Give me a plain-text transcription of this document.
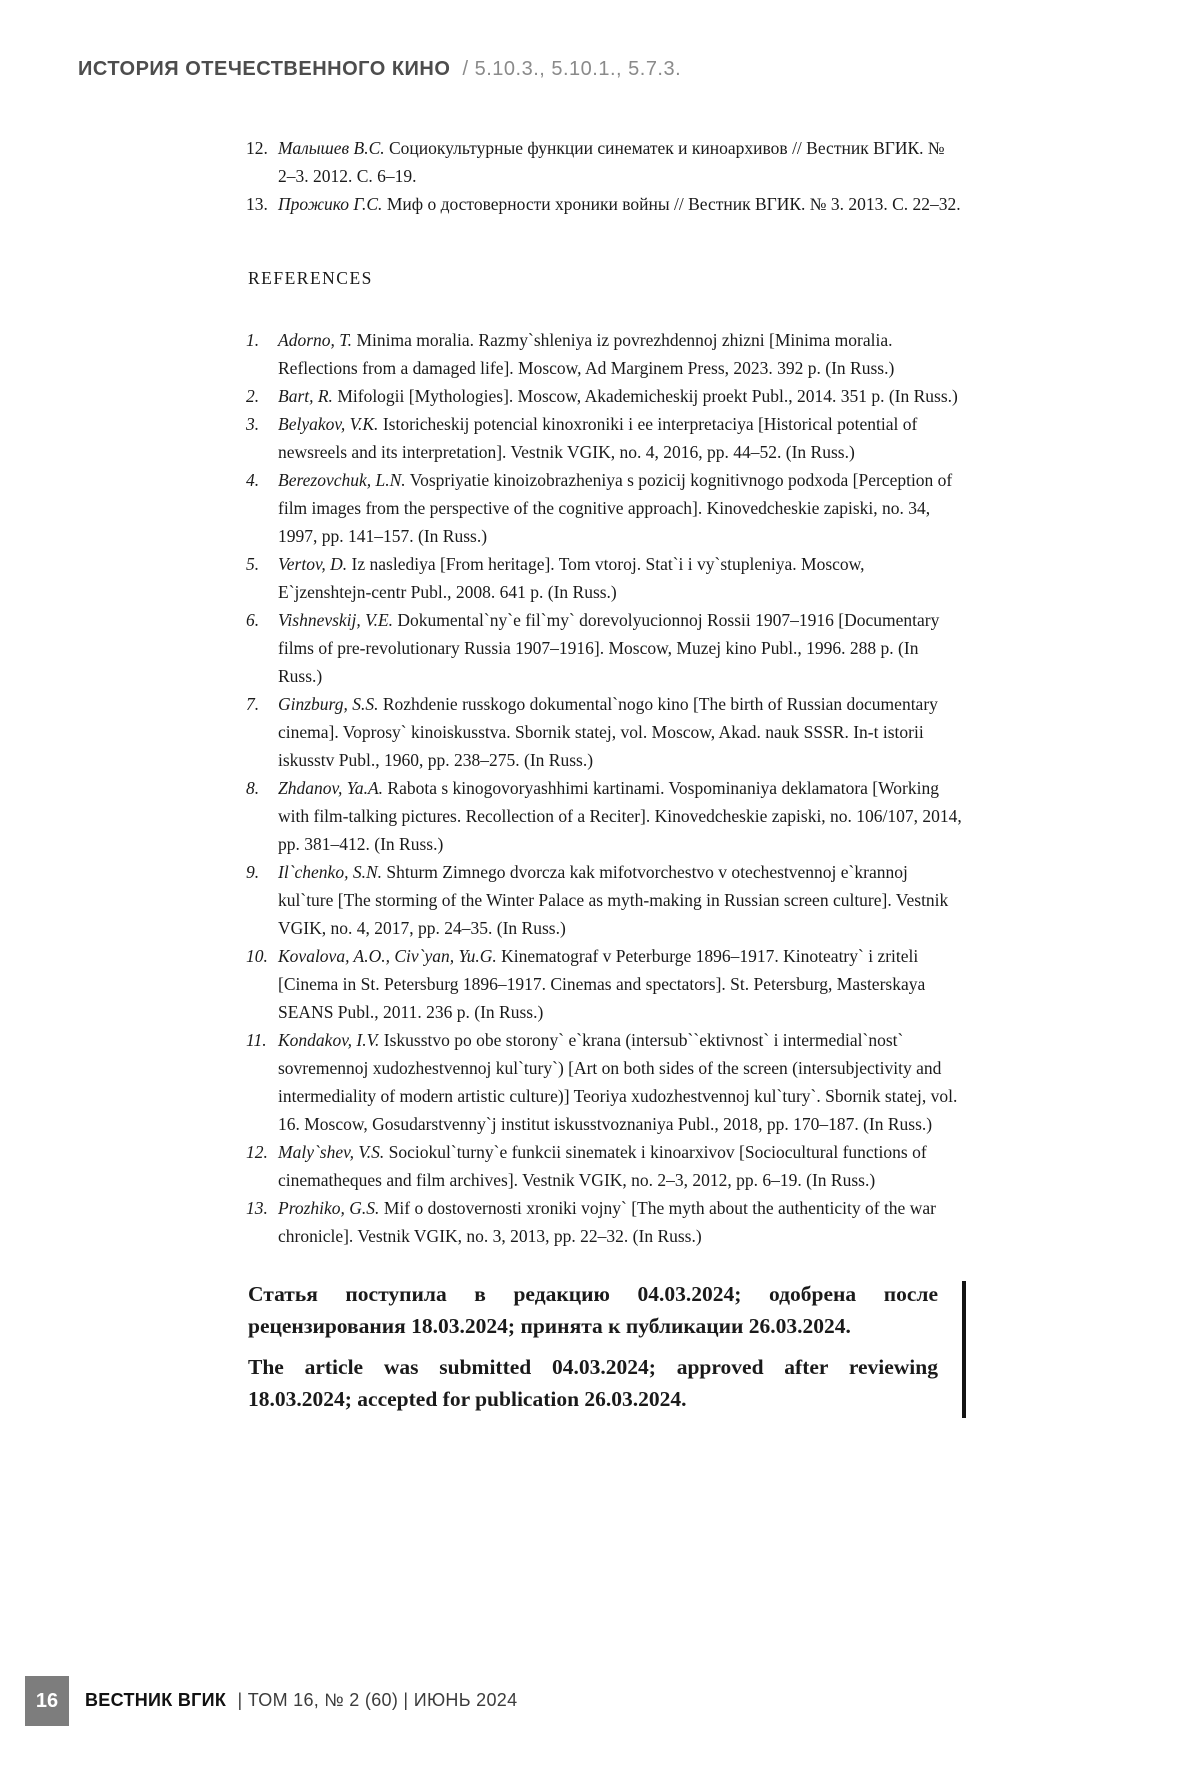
ИСТОРИЯ ОТЕЧЕСТВЕННОГО КИНО / 5.10.3., 5.10.1., 5.7.3.
12. Малышев В.С. Социокультурные функции синематек и киноархивов // Вестник ВГИК. № 2–3. 2012. С. 6–19.
13. Прожико Г.С. Миф о достоверности хроники войны // Вестник ВГИК. № 3. 2013. С. 22–32.
REFERENCES
1.	Adorno, T. Minima moralia. Razmy`shleniya iz povrezhdennoj zhizni [Minima moralia. Reflections from a damaged life]. Moscow, Ad Marginem Press, 2023. 392 p. (In Russ.)
2.	Bart, R. Mifologii [Mythologies]. Moscow, Akademicheskij proekt Publ., 2014. 351 p. (In Russ.)
3.	Belyakov, V.K. Istoricheskij potencial kinoxroniki i ee interpretaciya [Historical potential of newsreels and its interpretation]. Vestnik VGIK, no. 4, 2016, pp. 44–52. (In Russ.)
4.	Berezovchuk, L.N. Vospriyatie kinoizobrazheniya s pozicij kognitivnogo podxoda [Perception of film images from the perspective of the cognitive approach]. Kinovedcheskie zapiski, no. 34, 1997, pp. 141–157. (In Russ.)
5.	Vertov, D. Iz naslediya [From heritage]. Tom vtoroj. Stat`i i vy`stupleniya. Moscow, E`jzenshtejn-centr Publ., 2008. 641 p. (In Russ.)
6.	Vishnevskij, V.E. Dokumental`ny`e fil`my` dorevolyucionnoj Rossii 1907–1916 [Documentary films of pre-revolutionary Russia 1907–1916]. Moscow, Muzej kino Publ., 1996. 288 p. (In Russ.)
7.	Ginzburg, S.S. Rozhdenie russkogo dokumental`nogo kino [The birth of Russian documentary cinema]. Voprosy` kinoiskusstva. Sbornik statej, vol. Moscow, Akad. nauk SSSR. In-t istorii iskusstv Publ., 1960, pp. 238–275. (In Russ.)
8.	Zhdanov, Ya.A. Rabota s kinogovoryashhimi kartinami. Vospominaniya deklamatora [Working with film-talking pictures. Recollection of a Reciter]. Kinovedcheskie zapiski, no. 106/107, 2014, pp. 381–412. (In Russ.)
9.	Il`chenko, S.N. Shturm Zimnego dvorcza kak mifotvorchestvo v otechestvennoj e`krannoj kul`ture [The storming of the Winter Palace as myth-making in Russian screen culture]. Vestnik VGIK, no. 4, 2017, pp. 24–35. (In Russ.)
10. Kovalova, A.O., Civ`yan, Yu.G. Kinematograf v Peterburge 1896–1917. Kinoteatry` i zriteli [Cinema in St. Petersburg 1896–1917. Cinemas and spectators]. St. Petersburg, Masterskaya SEANS Publ., 2011. 236 p. (In Russ.)
11. Kondakov, I.V. Iskusstvo po obe storony` e`krana (intersub``ektivnost` i intermedial`nost` sovremennoj xudozhestvennoj kul`tury`) [Art on both sides of the screen (intersubjectivity and intermediality of modern artistic culture)] Teoriya xudozhestvennoj kul`tury`. Sbornik statej, vol. 16. Moscow, Gosudarstvenny`j institut iskusstvoznaniya Publ., 2018, pp. 170–187. (In Russ.)
12. Maly`shev, V.S. Sociokul`turny`e funkcii sinematek i kinoarxivov [Sociocultural functions of cinematheques and film archives]. Vestnik VGIK, no. 2–3, 2012, pp. 6–19. (In Russ.)
13. Prozhiko, G.S. Mif o dostovernosti xroniki vojny` [The myth about the authenticity of the war chronicle]. Vestnik VGIK, no. 3, 2013, pp. 22–32. (In Russ.)

Статья поступила в редакцию 04.03.2024; одобрена после рецензирования 18.03.2024; принята к публикации 26.03.2024.

The article was submitted 04.03.2024; approved after reviewing 18.03.2024; accepted for publication 26.03.2024.

16 ВЕСТНИК ВГИК | ТОМ 16, № 2 (60) | ИЮНЬ 2024
